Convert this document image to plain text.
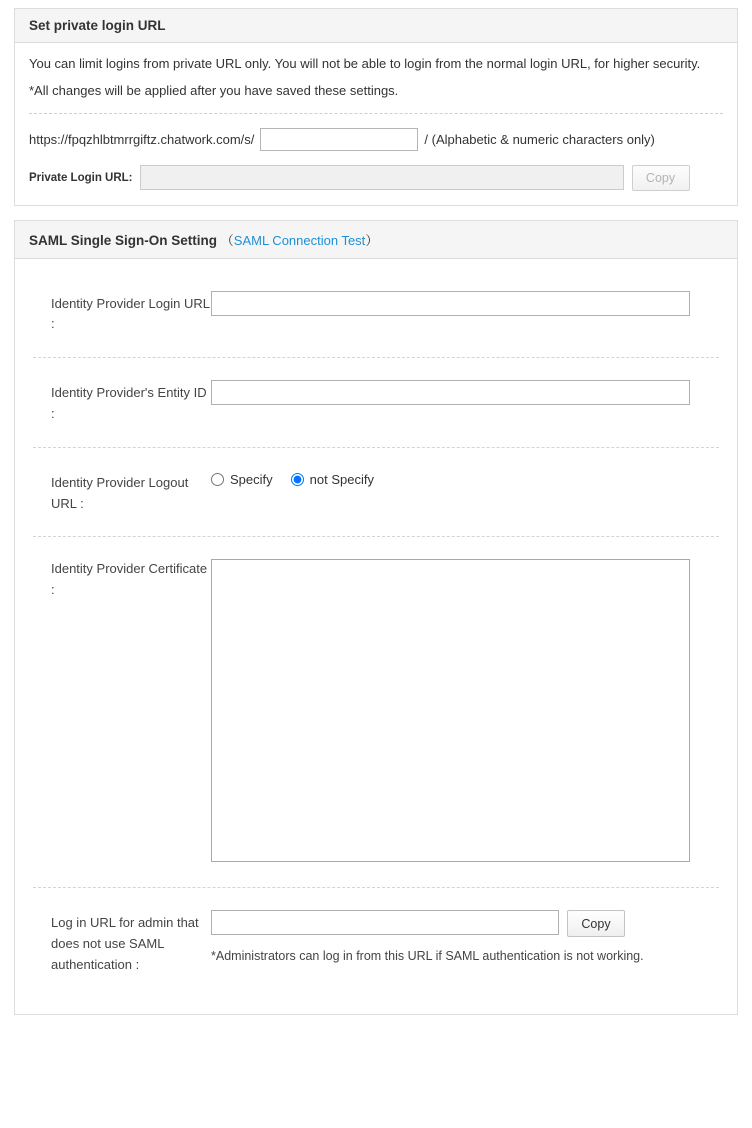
Set private login URL

You can limit logins from private URL only. You will not be able to login from the normal login URL, for higher security.

*All changes will be applied after you have saved these settings.

https://fpqzhlbtmrrgiftz.chatwork.com/s/	/ (Alphabetic & numeric characters only)
Private Login URL:	Copy
SAML Single Sign-On Setting （SAML Connection Test）
Identity Provider Login URL :
Identity Provider's Entity ID :
Identity Provider Logout URL :
Specify	not Specify
Identity Provider Certificate :
Log in URL for admin that does not use SAML authentication :
Copy
*Administrators can log in from this URL if SAML authentication is not working.
